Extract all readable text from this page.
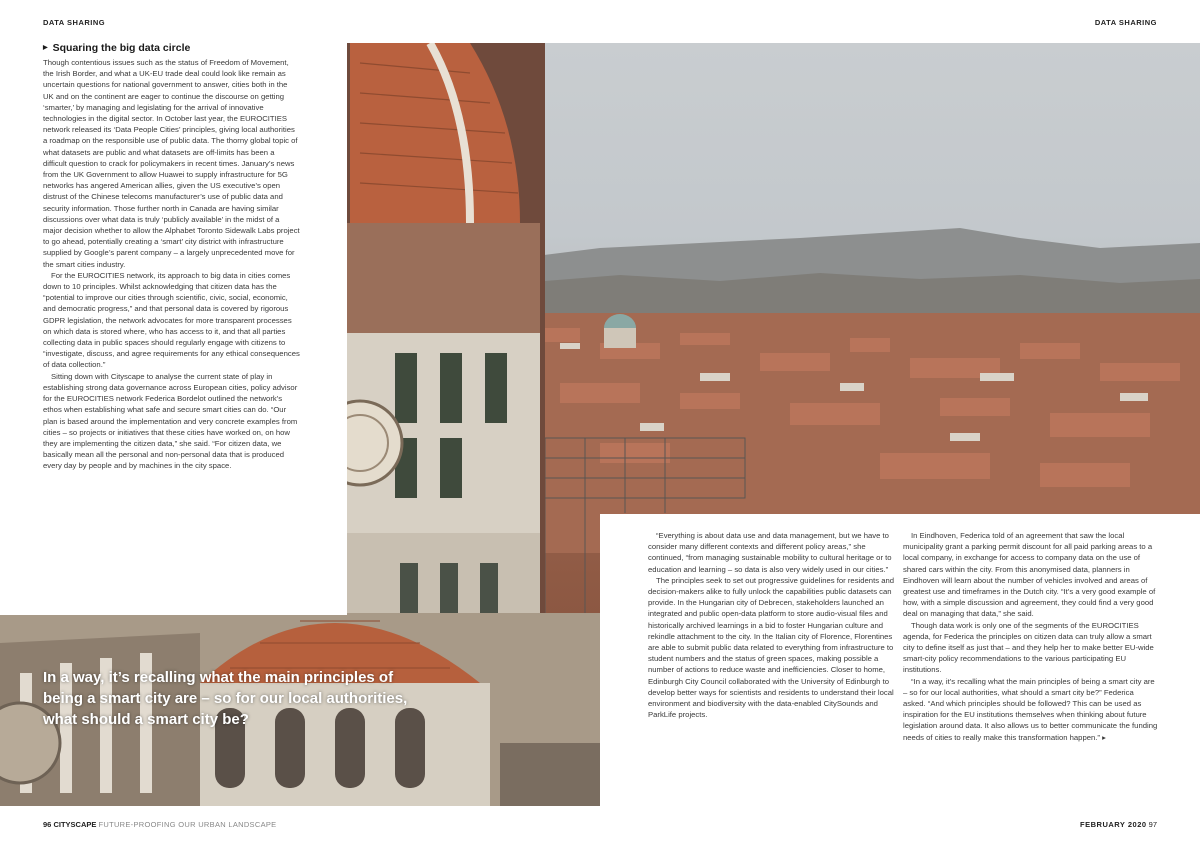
DATA SHARING	DATA SHARING
▶ Squaring the big data circle

Though contentious issues such as the status of Freedom of Movement, the Irish Border, and what a UK-EU trade deal could look like remain as uncertain questions for national government to answer, cities both in the UK and on the continent are eager to continue the discourse on getting ‘smarter,’ by managing and legislating for the arrival of innovative technologies in the digital sector. In October last year, the EUROCITIES network released its ‘Data People Cities’ principles, giving local authorities a roadmap on the responsible use of public data. The thorny global topic of what datasets are public and what datasets are off-limits has been a difficult question to crack for policymakers in recent times. January’s news from the UK Government to allow Huawei to supply infrastructure for 5G networks has angered American allies, given the US executive’s open distrust of the Chinese telecoms manufacturer’s use of public data and security information. Those further north in Canada are having similar discussions over what data is truly ‘publicly available’ in the midst of a major decision whether to allow the Alphabet Toronto Sidewalk Labs project to go ahead, potentially creating a ‘smart’ city district with infrastructure supplied by Google’s parent company – a largely unprecedented move for the smart cities industry.

For the EUROCITIES network, its approach to big data in cities comes down to 10 principles. Whilst acknowledging that citizen data has the “potential to improve our cities through scientific, civic, social, economic, and democratic progress,” and that personal data is covered by rigorous GDPR legislation, the network advocates for more transparent processes on which data is stored where, who has access to it, and that all parties collecting data in public spaces should regularly engage with citizens to “investigate, discuss, and agree requirements for any ethical consequences of data collection.”

Sitting down with Cityscape to analyse the current state of play in establishing strong data governance across European cities, policy advisor for the EUROCITIES network Federica Bordelot outlined the network’s ethos when establishing what safe and secure smart cities can do. “Our plan is based around the implementation and very concrete examples from cities – so projects or initiatives that these cities have worked on, on how they are implementing the citizen data,” she said. “For citizen data, we basically mean all the personal and non-personal data that is produced every day by people and by machines in the city space.

In a way, it’s recalling what the main principles of being a smart city are – so for our local authorities, what should a smart city be?

“Everything is about data use and data management, but we have to consider many different contexts and different policy areas,” she continued, “from managing sustainable mobility to cultural heritage or to education and learning – so data is also very widely used in our cities.”

The principles seek to set out progressive guidelines for residents and decision-makers alike to fully unlock the capabilities public datasets can provide. In the Hungarian city of Debrecen, stakeholders launched an integrated and public open-data platform to store audio-visual files and historically archived learnings in a bid to foster Hungarian culture and rekindle attachment to the city. In the Italian city of Florence, Florentines are able to submit public data related to everything from infrastructure to student numbers and the status of green spaces, making possible a number of actions to reduce waste and inefficiencies. Closer to home, Edinburgh City Council collaborated with the University of Edinburgh to develop better ways for scientists and residents to understand their local environment and biodiversity with the data-enabled CitySounds and ParkLife projects.

In Eindhoven, Federica told of an agreement that saw the local municipality grant a parking permit discount for all paid parking areas to a local company, in exchange for access to company data on the use of shared cars within the city. From this anonymised data, planners in Eindhoven will learn about the number of vehicles involved and areas of greatest use and timeframes in the Dutch city. “It’s a very good example of how, with a simple discussion and agreement, they could find a very good deal on managing that data,” she said.

Though data work is only one of the segments of the EUROCITIES agenda, for Federica the principles on citizen data can truly allow a smart city to define itself as just that – and they help her to make better EU-wide smart-city policy recommendations to the various participating EU institutions.

“In a way, it’s recalling what the main principles of being a smart city are – so for our local authorities, what should a smart city be?” Federica asked. “And which principles should be followed? This can be used as inspiration for the EU institutions themselves when thinking about future legislation around data. It also allows us to better communicate the funding needs of cities to really make this transformation happen.” ▸

96 CITYSCAPE FUTURE-PROOFING OUR URBAN LANDSCAPE	FEBRUARY 2020 97
